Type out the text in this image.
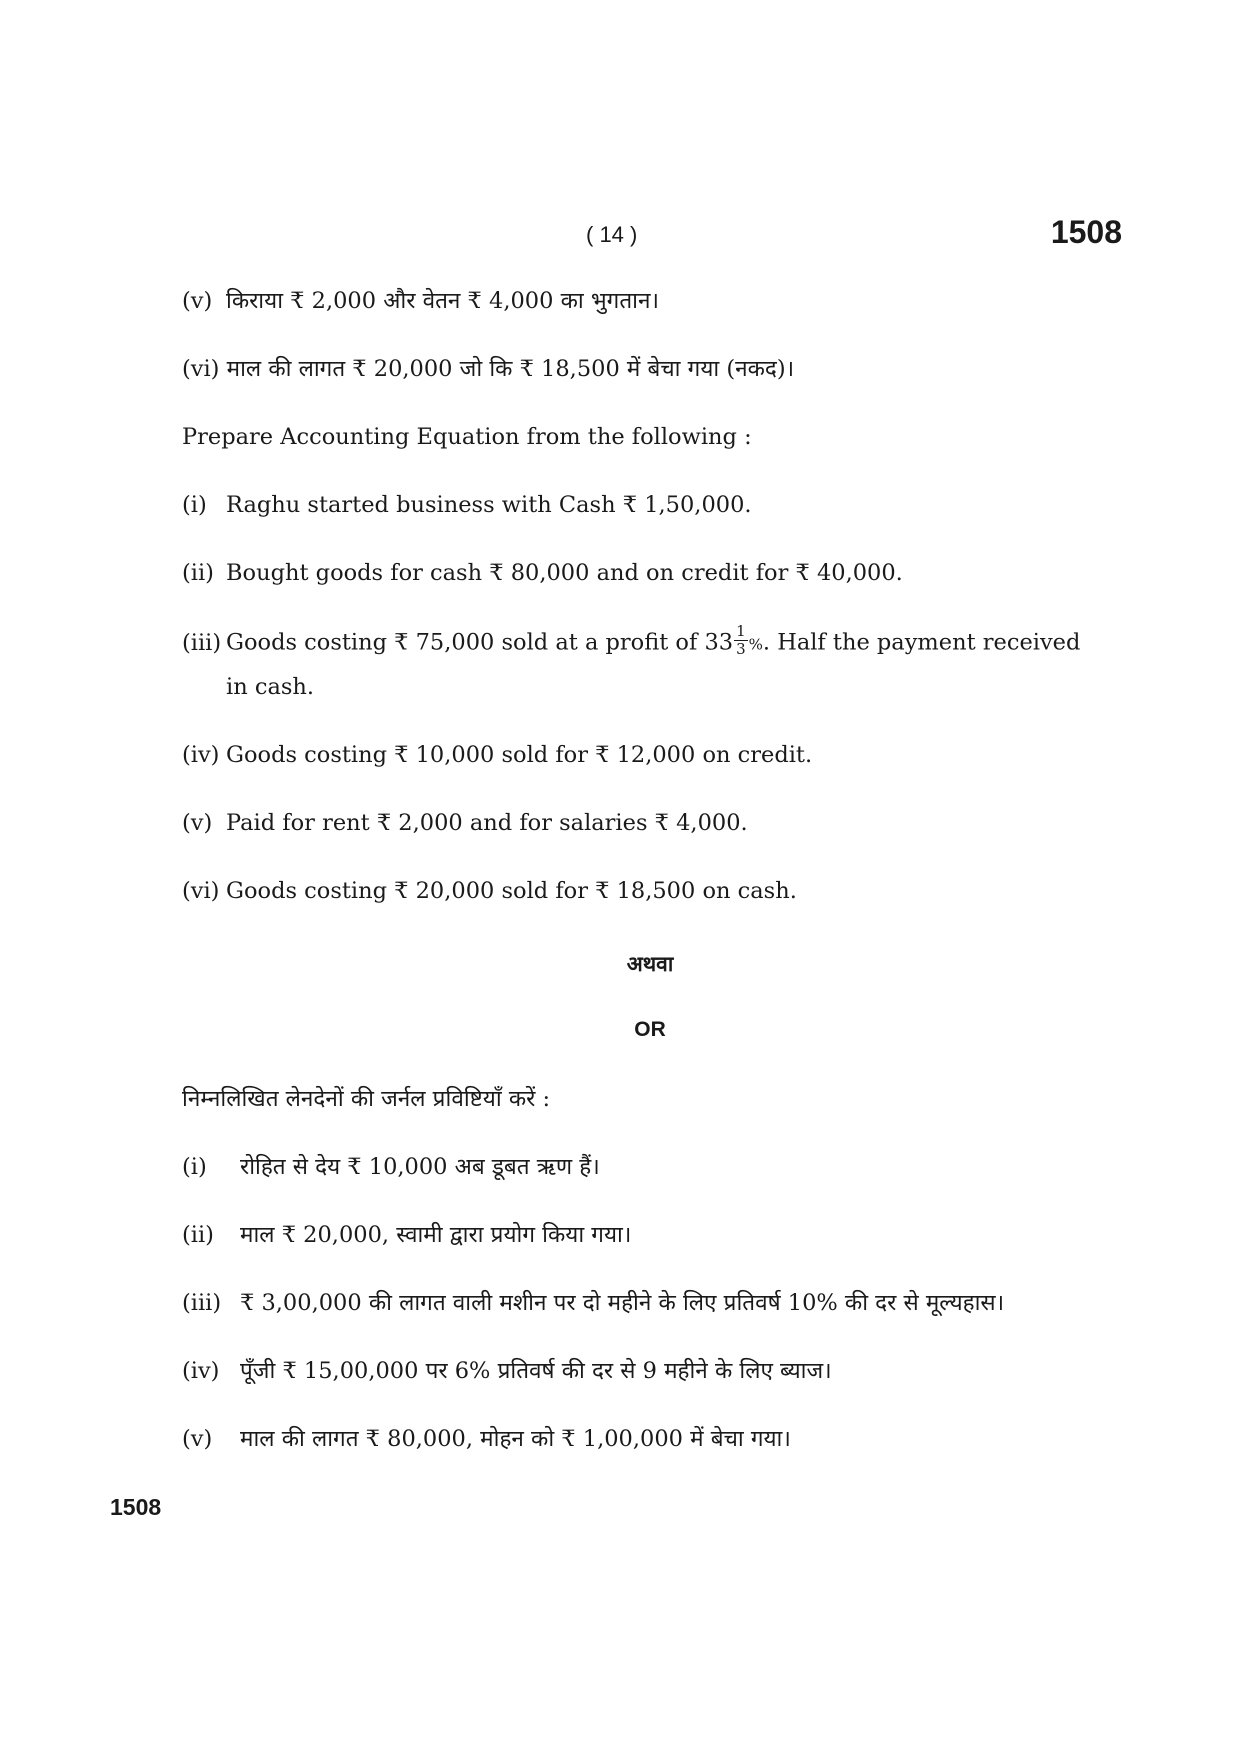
( 14 )	1508
(v) किराया ₹ 2,000 और वेतन ₹ 4,000 का भुगतान।
(vi) माल की लागत ₹ 20,000 जो कि ₹ 18,500 में बेचा गया (नकद)।
Prepare Accounting Equation from the following :
(i) Raghu started business with Cash ₹ 1,50,000.
(ii) Bought goods for cash ₹ 80,000 and on credit for ₹ 40,000.
(iii) Goods costing ₹ 75,000 sold at a profit of $33 \frac{1}{3}$ %. Half the payment received
in cash.
(iv) Goods costing ₹ 10,000 sold for ₹ 12,000 on credit.
(v) Paid for rent ₹ 2,000 and for salaries ₹ 4,000.
(vi) Goods costing ₹ 20,000 sold for ₹ 18,500 on cash.
अथवा
OR
निम्नलिखित लेनदेनों की जर्नल प्रविष्टियाँ करें :
(i) रोहित से देय ₹ 10,000 अब डूबत ऋण हैं।
(ii) माल ₹ 20,000, स्वामी द्वारा प्रयोग किया गया।
(iii) ₹ 3,00,000 की लागत वाली मशीन पर दो महीने के लिए प्रतिवर्ष 10% की दर से मूल्यहास।
(iv) पूँजी ₹ 15,00,000 पर 6% प्रतिवर्ष की दर से 9 महीने के लिए ब्याज।
(v) माल की लागत ₹ 80,000, मोहन को ₹ 1,00,000 में बेचा गया।
1508
